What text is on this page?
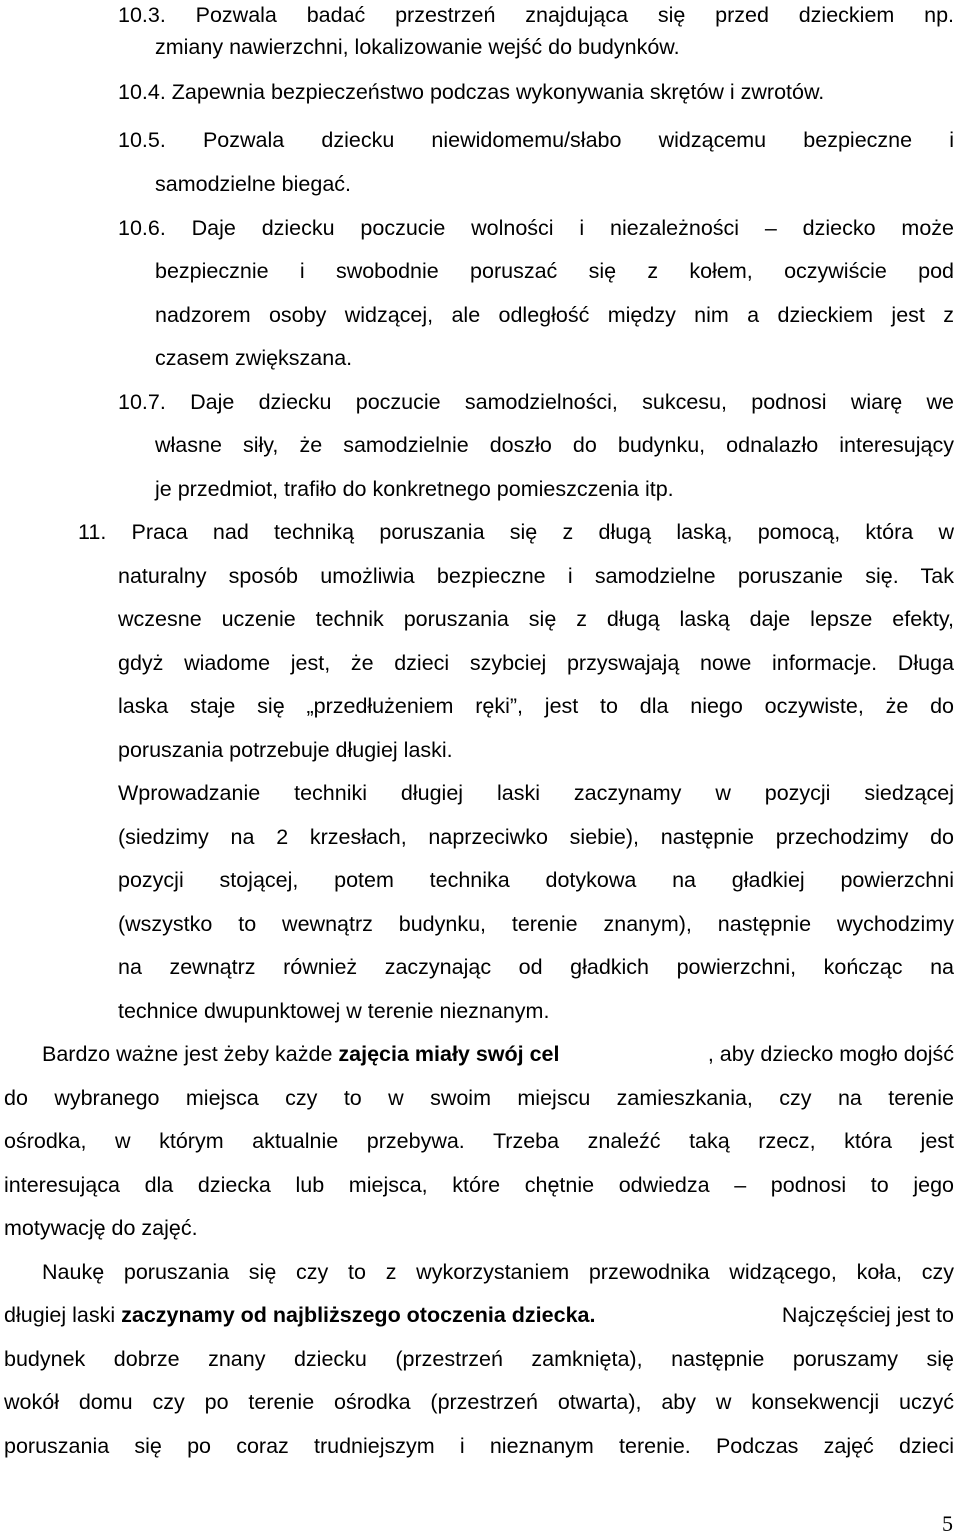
10.3. Pozwala badać przestrzeń znajdująca się przed dzieckiem np.
zmiany nawierzchni, lokalizowanie wejść do budynków.
10.4. Zapewnia bezpieczeństwo podczas wykonywania skrętów i zwrotów.
10.5. Pozwala dziecku niewidomemu/słabo widzącemu bezpieczne i
samodzielne biegać.
10.6. Daje dziecku poczucie wolności i niezależności – dziecko może
bezpiecznie i swobodnie poruszać się z kołem, oczywiście pod
nadzorem osoby widzącej, ale odległość między nim a dzieckiem jest z
czasem zwiększana.
10.7. Daje dziecku poczucie samodzielności, sukcesu, podnosi wiarę we
własne siły, że samodzielnie doszło do budynku, odnalazło interesujący
je przedmiot, trafiło do konkretnego pomieszczenia itp.
11. Praca nad techniką poruszania się z długą laską, pomocą, która w
naturalny sposób umożliwia bezpieczne i samodzielne poruszanie się. Tak
wczesne uczenie technik poruszania się z długą laską daje lepsze efekty,
gdyż wiadome jest, że dzieci szybciej przyswajają nowe informacje. Długa
laska staje się „przedłużeniem ręki”, jest to dla niego oczywiste, że do
poruszania potrzebuje długiej laski.
Wprowadzanie techniki długiej laski zaczynamy w pozycji siedzącej
(siedzimy na 2 krzesłach, naprzeciwko siebie), następnie przechodzimy do
pozycji stojącej, potem technika dotykowa na gładkiej powierzchni
(wszystko to wewnątrz budynku, terenie znanym), następnie wychodzimy
na zewnątrz również zaczynając od gładkich powierzchni, kończąc na
technice dwupunktowej w terenie nieznanym.
Bardzo ważne jest żeby każde zajęcia miały swój cel	, aby dziecko mogło dojść
do wybranego miejsca czy to w swoim miejscu zamieszkania, czy na terenie
ośrodka, w którym aktualnie przebywa. Trzeba znaleźć taką rzecz, która jest
interesująca dla dziecka lub miejsca, które chętnie odwiedza – podnosi to jego
motywację do zajęć.
Naukę poruszania się czy to z wykorzystaniem przewodnika widzącego, koła, czy
długiej laski zaczynamy od najbliższego otoczenia dziecka.	Najczęściej jest to
budynek dobrze znany dziecku (przestrzeń zamknięta), następnie poruszamy się
wokół domu czy po terenie ośrodka (przestrzeń otwarta), aby w konsekwencji uczyć
poruszania się po coraz trudniejszym i nieznanym terenie. Podczas zajęć dzieci
5
